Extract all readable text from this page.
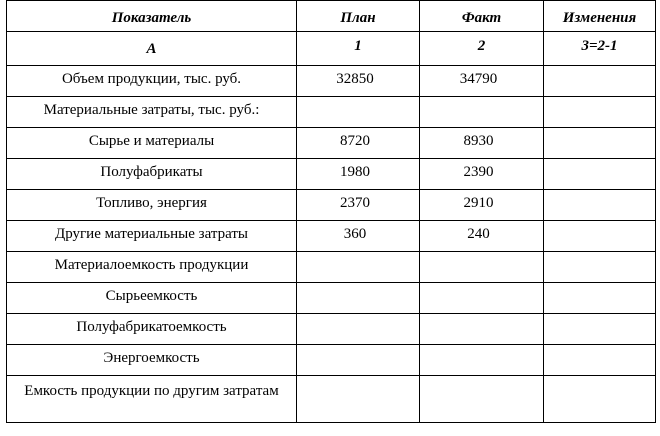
Показатель	План	Факт	Изменения
А	1	2	3=2-1
Объем продукции, тыс. руб.	32850	34790	
Материальные затраты, тыс. руб.:			
Сырье и материалы	8720	8930	
Полуфабрикаты	1980	2390	
Топливо, энергия	2370	2910	
Другие материальные затраты	360	240	
Материалоемкость продукции			
Сырьеемкость			
Полуфабрикатоемкость			
Энергоемкость			
Емкость продукции по другим затратам			
